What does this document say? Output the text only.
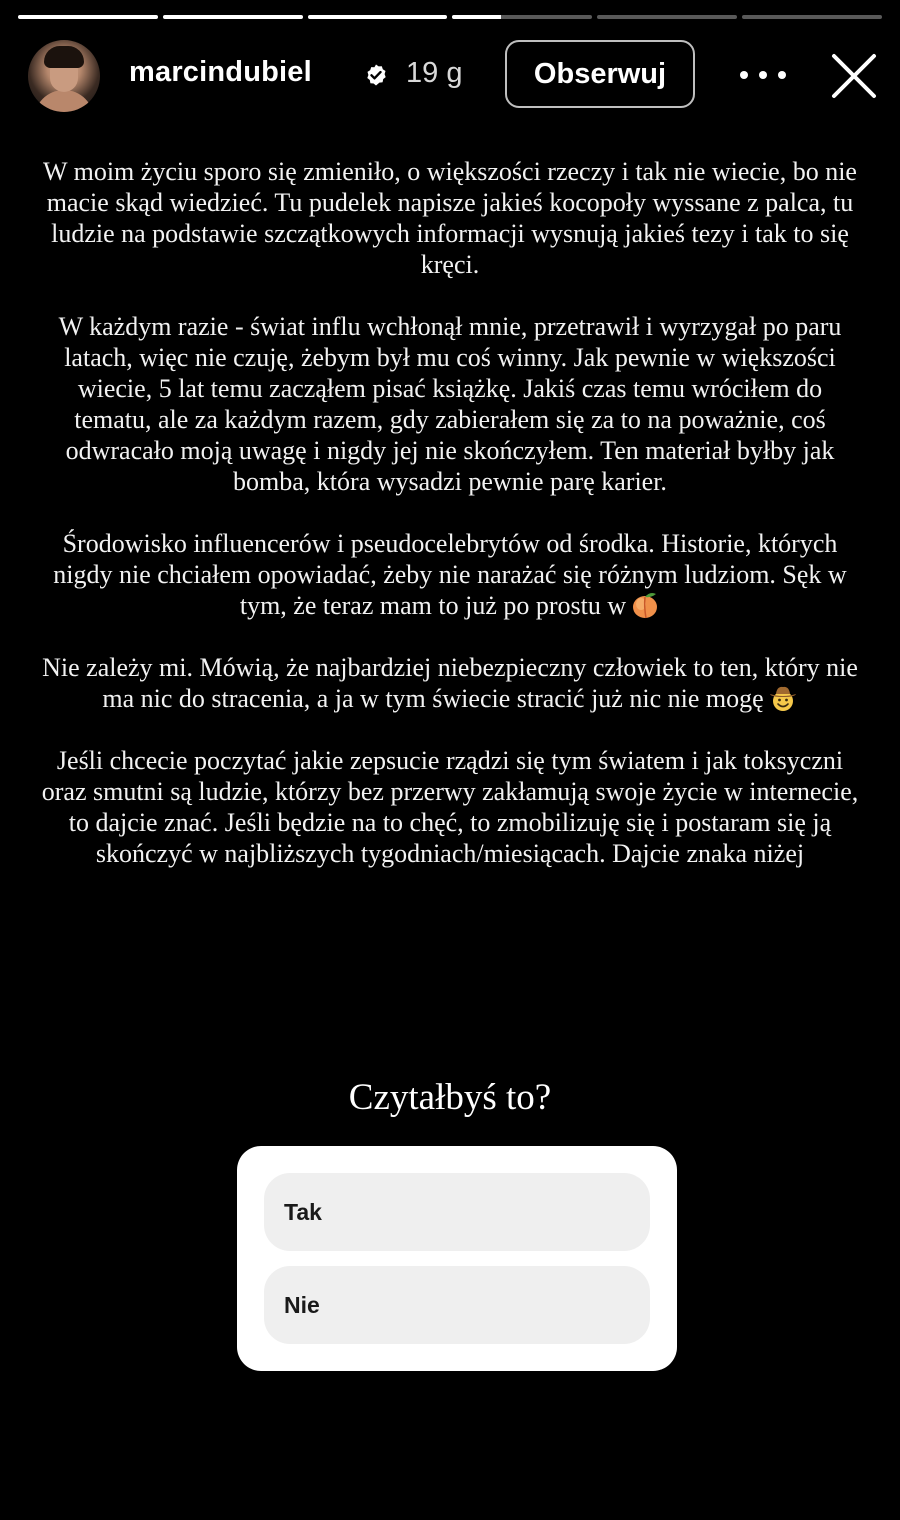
marcindubiel	19 g	Obserwuj

W moim życiu sporo się zmieniło, o większości rzeczy i tak nie wiecie, bo nie macie skąd wiedzieć. Tu pudelek napisze jakieś kocopoły wyssane z palca, tu ludzie na podstawie szczątkowych informacji wysnują jakieś tezy i tak to się kręci.

W każdym razie - świat influ wchłonął mnie, przetrawił i wyrzygał po paru latach, więc nie czuję, żebym był mu coś winny. Jak pewnie w większości wiecie, 5 lat temu zacząłem pisać książkę. Jakiś czas temu wróciłem do tematu, ale za każdym razem, gdy zabierałem się za to na poważnie, coś odwracało moją uwagę i nigdy jej nie skończyłem. Ten materiał byłby jak bomba, która wysadzi pewnie parę karier.

Środowisko influencerów i pseudocelebrytów od środka. Historie, których nigdy nie chciałem opowiadać, żeby nie narażać się różnym ludziom. Sęk w tym, że teraz mam to już po prostu w

Nie zależy mi. Mówią, że najbardziej niebezpieczny człowiek to ten, który nie ma nic do stracenia, a ja w tym świecie stracić już nic nie mogę

Jeśli chcecie poczytać jakie zepsucie rządzi się tym światem i jak toksyczni oraz smutni są ludzie, którzy bez przerwy zakłamują swoje życie w internecie, to dajcie znać. Jeśli będzie na to chęć, to zmobilizuję się i postaram się ją skończyć w najbliższych tygodniach/miesiącach. Dajcie znaka niżej

Czytałbyś to?
Tak
Nie
